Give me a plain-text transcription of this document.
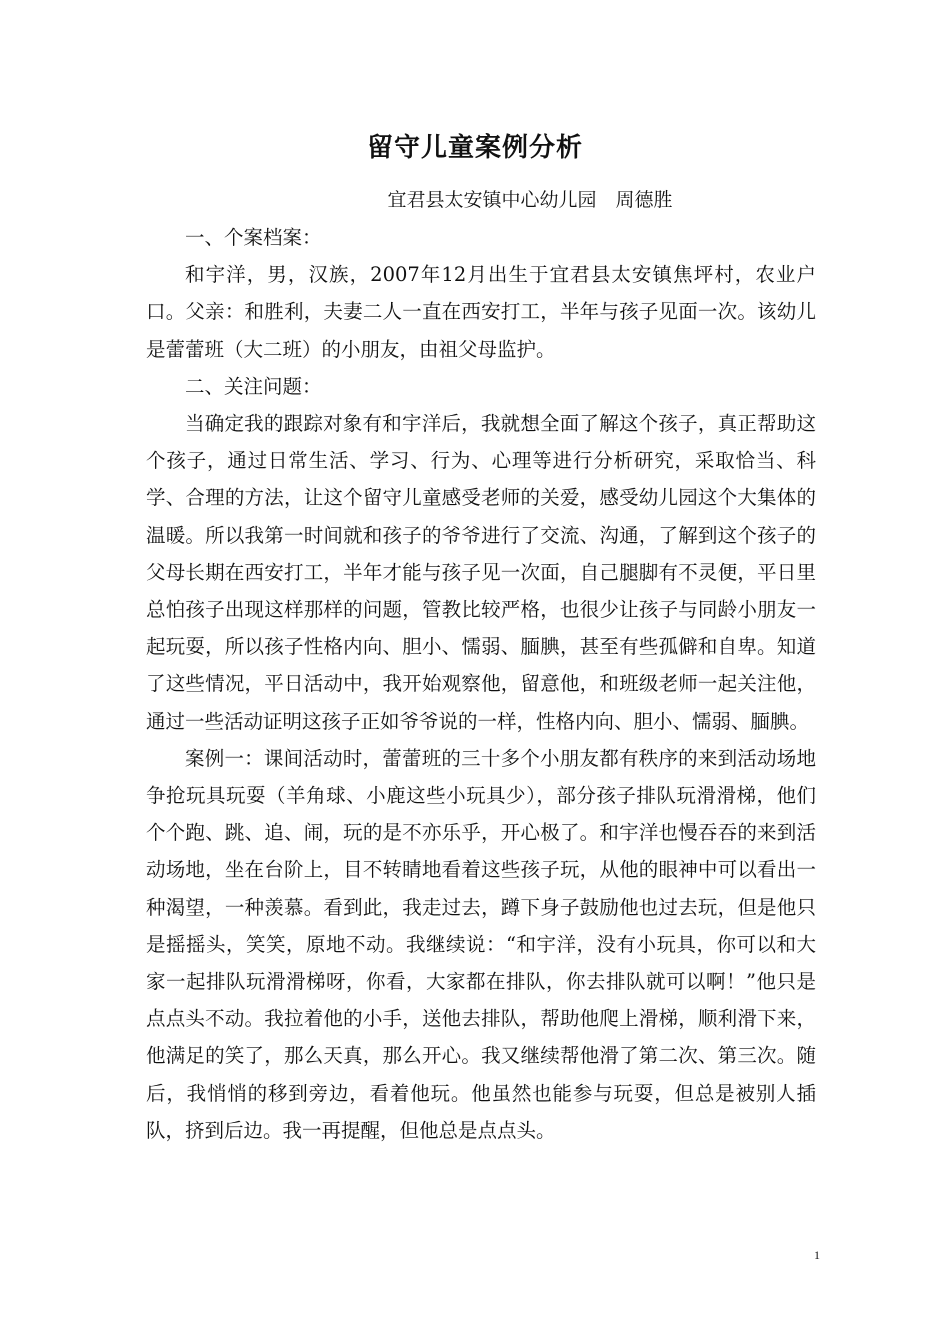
留守儿童案例分析
宜君县太安镇中心幼儿园　周德胜

一、个案档案：

和宇洋，男，汉族，2007年12月出生于宜君县太安镇焦坪村，农业户口。父亲：和胜利，夫妻二人一直在西安打工，半年与孩子见面一次。该幼儿是蕾蕾班（大二班）的小朋友，由祖父母监护。

二、关注问题：

当确定我的跟踪对象有和宇洋后，我就想全面了解这个孩子，真正帮助这个孩子，通过日常生活、学习、行为、心理等进行分析研究，采取恰当、科学、合理的方法，让这个留守儿童感受老师的关爱，感受幼儿园这个大集体的温暖。所以我第一时间就和孩子的爷爷进行了交流、沟通，了解到这个孩子的父母长期在西安打工，半年才能与孩子见一次面，自己腿脚有不灵便，平日里总怕孩子出现这样那样的问题，管教比较严格，也很少让孩子与同龄小朋友一起玩耍，所以孩子性格内向、胆小、懦弱、腼腆，甚至有些孤僻和自卑。知道了这些情况，平日活动中，我开始观察他，留意他，和班级老师一起关注他，通过一些活动证明这孩子正如爷爷说的一样，性格内向、胆小、懦弱、腼腆。

案例一：课间活动时，蕾蕾班的三十多个小朋友都有秩序的来到活动场地争抢玩具玩耍（羊角球、小鹿这些小玩具少），部分孩子排队玩滑滑梯，他们个个跑、跳、追、闹，玩的是不亦乐乎，开心极了。和宇洋也慢吞吞的来到活动场地，坐在台阶上，目不转睛地看着这些孩子玩，从他的眼神中可以看出一种渴望，一种羡慕。看到此，我走过去，蹲下身子鼓励他也过去玩，但是他只是摇摇头，笑笑，原地不动。我继续说：“和宇洋，没有小玩具，你可以和大家一起排队玩滑滑梯呀，你看，大家都在排队，你去排队就可以啊！”他只是点点头不动。我拉着他的小手，送他去排队，帮助他爬上滑梯，顺利滑下来，他满足的笑了，那么天真，那么开心。我又继续帮他滑了第二次、第三次。随后，我悄悄的移到旁边，看着他玩。他虽然也能参与玩耍，但总是被别人插队，挤到后边。我一再提醒，但他总是点点头。

1
